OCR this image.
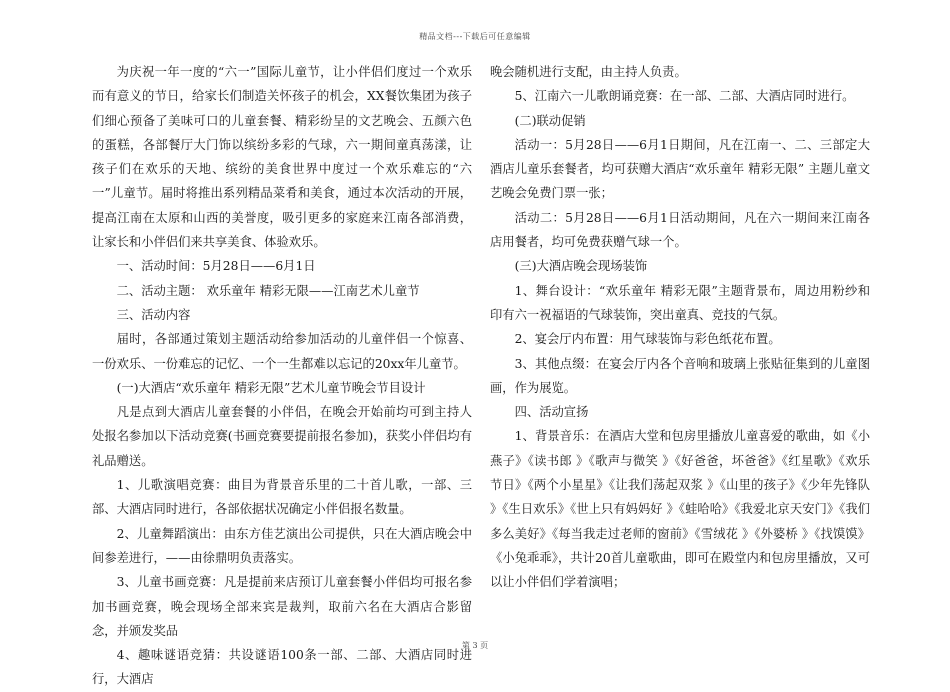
精品文档---下载后可任意编辑

为庆祝一年一度的“六一”国际儿童节，让小伴侣们度过一个欢乐而有意义的节日，给家长们制造关怀孩子的机会，XX餐饮集团为孩子们细心预备了美味可口的儿童套餐、精彩纷呈的文艺晚会、五颜六色的蛋糕，各部餐厅大门饰以缤纷多彩的气球，六一期间童真荡漾，让孩子们在欢乐的天地、缤纷的美食世界中度过一个欢乐难忘的“六一”儿童节。届时将推出系列精品菜肴和美食，通过本次活动的开展，提高江南在太原和山西的美誉度，吸引更多的家庭来江南各部消费，让家长和小伴侣们来共享美食、体验欢乐。

一、活动时间：5月28日——6月1日

二、活动主题： 欢乐童年 精彩无限——江南艺术儿童节

三、活动内容

届时，各部通过策划主题活动给参加活动的儿童伴侣一个惊喜、一份欢乐、一份难忘的记忆、一个一生都难以忘记的20xx年儿童节。

(一)大酒店“欢乐童年 精彩无限”艺术儿童节晚会节目设计

凡是点到大酒店儿童套餐的小伴侣，在晚会开始前均可到主持人处报名参加以下活动竞赛(书画竞赛要提前报名参加)，获奖小伴侣均有礼品赠送。

1、儿歌演唱竞赛：曲目为背景音乐里的二十首儿歌，一部、三部、大酒店同时进行，各部依据状况确定小伴侣报名数量。

2、儿童舞蹈演出：由东方佳艺演出公司提供，只在大酒店晚会中间参差进行，——由徐鼎明负责落实。

3、儿童书画竞赛：凡是提前来店预订儿童套餐小伴侣均可报名参加书画竞赛，晚会现场全部来宾是裁判，取前六名在大酒店合影留念，并颁发奖品

4、趣味谜语竞猜：共设谜语100条一部、二部、大酒店同时进行，大酒店

晚会随机进行支配，由主持人负责。

5、江南六一儿歌朗诵竞赛：在一部、二部、大酒店同时进行。

(二)联动促销

活动一：5月28日——6月1日期间，凡在江南一、二、三部定大酒店儿童乐套餐者，均可获赠大酒店“欢乐童年 精彩无限” 主题儿童文艺晚会免费门票一张；

活动二：5月28日——6月1日活动期间，凡在六一期间来江南各店用餐者，均可免费获赠气球一个。

(三)大酒店晚会现场装饰

1、舞台设计：“欢乐童年 精彩无限”主题背景布，周边用粉纱和印有六一祝福语的气球装饰，突出童真、竞技的气氛。

2、宴会厅内布置：用气球装饰与彩色纸花布置。

3、其他点缀：在宴会厅内各个音响和玻璃上张贴征集到的儿童图画，作为展览。

四、活动宣扬

1、背景音乐：在酒店大堂和包房里播放儿童喜爱的歌曲，如《小燕子》《读书郎 》《歌声与微笑 》《好爸爸，坏爸爸》《红星歌》《欢乐节日》《两个小星星》《让我们荡起双浆 》《山里的孩子》《少年先锋队 》《生日欢乐》《世上只有妈妈好 》《蛙哈哈》《我爱北京天安门》《我们多么美好》《每当我走过老师的窗前》《雪绒花 》《外婆桥 》《找馍馍》《小兔乖乖》，共计20首儿童歌曲，即可在殿堂内和包房里播放，又可以让小伴侣们学着演唱；

第 3 页
